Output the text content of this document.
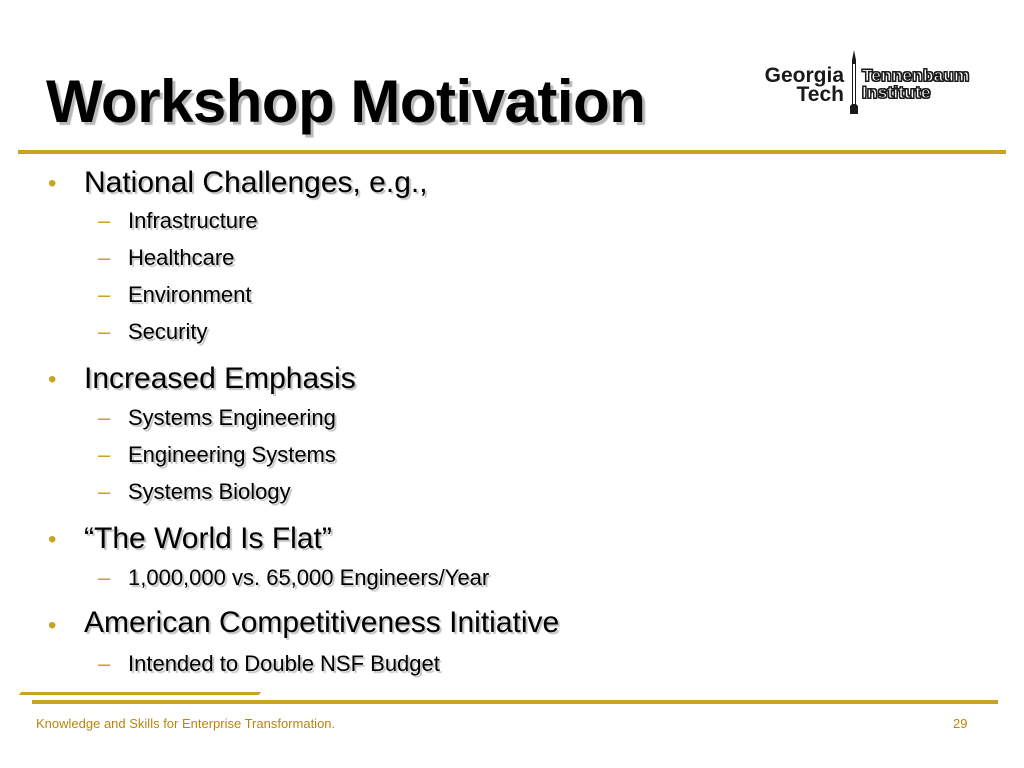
Workshop Motivation	Georgia
Tech
Tennenbaum
Institute
• National Challenges, e.g.,
– Infrastructure
– Healthcare
– Environment
– Security
• Increased Emphasis
– Systems Engineering
– Engineering Systems
– Systems Biology
• “The World Is Flat”
– 1,000,000 vs. 65,000 Engineers/Year
• American Competitiveness Initiative
– Intended to Double NSF Budget
Knowledge and Skills for Enterprise Transformation.	29
